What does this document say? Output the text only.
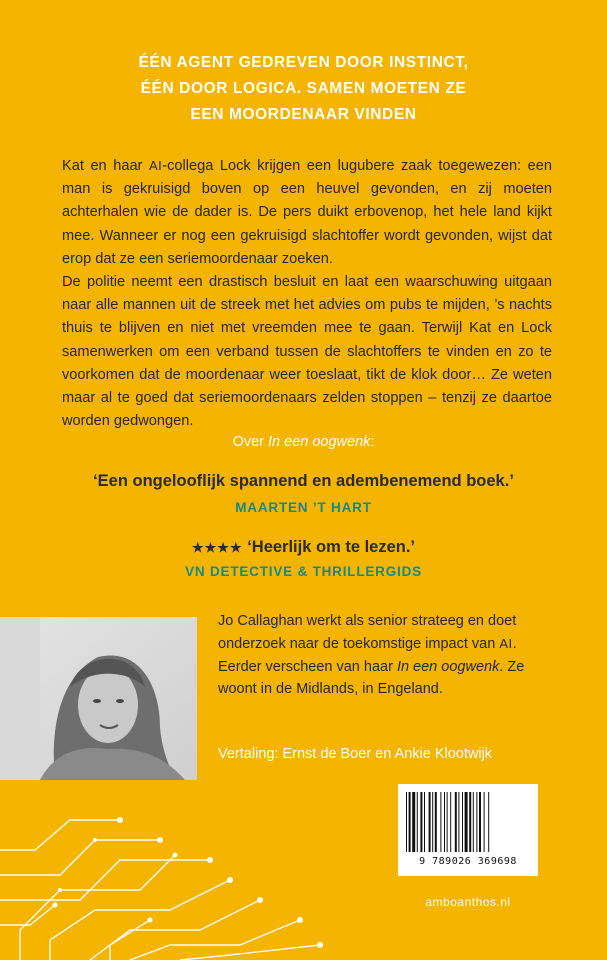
ÉÉN AGENT GEDREVEN DOOR INSTINCT,
ÉÉN DOOR LOGICA. SAMEN MOETEN ZE
EEN MOORDENAAR VINDEN

Kat en haar AI-collega Lock krijgen een lugubere zaak toegewezen: een man is gekruisigd boven op een heuvel gevonden, en zij moeten achterhalen wie de dader is. De pers duikt erbovenop, het hele land kijkt mee. Wanneer er nog een gekruisigd slachtoffer wordt gevonden, wijst dat erop dat ze een seriemoordenaar zoeken.

De politie neemt een drastisch besluit en laat een waarschuwing uitgaan naar alle mannen uit de streek met het advies om pubs te mijden, ’s nachts thuis te blijven en niet met vreemden mee te gaan. Terwijl Kat en Lock samenwerken om een verband tussen de slachtoffers te vinden en zo te voorkomen dat de moordenaar weer toeslaat, tikt de klok door… Ze weten maar al te goed dat seriemoordenaars zelden stoppen – tenzij ze daartoe worden gedwongen.

Over In een oogwenk:
‘Een ongelooflijk spannend en adembenemend boek.’
MAARTEN ’T HART
★★★★ ‘Heerlijk om te lezen.’
VN DETECTIVE & THRILLERGIDS

Jo Callaghan werkt als senior strateeg en doet onderzoek naar de toekomstige impact van AI. Eerder verscheen van haar In een oogwenk. Ze woont in de Midlands, in Engeland.

Vertaling: Ernst de Boer en Ankie Klootwijk
9 789026 369698
amboanthos.nl
